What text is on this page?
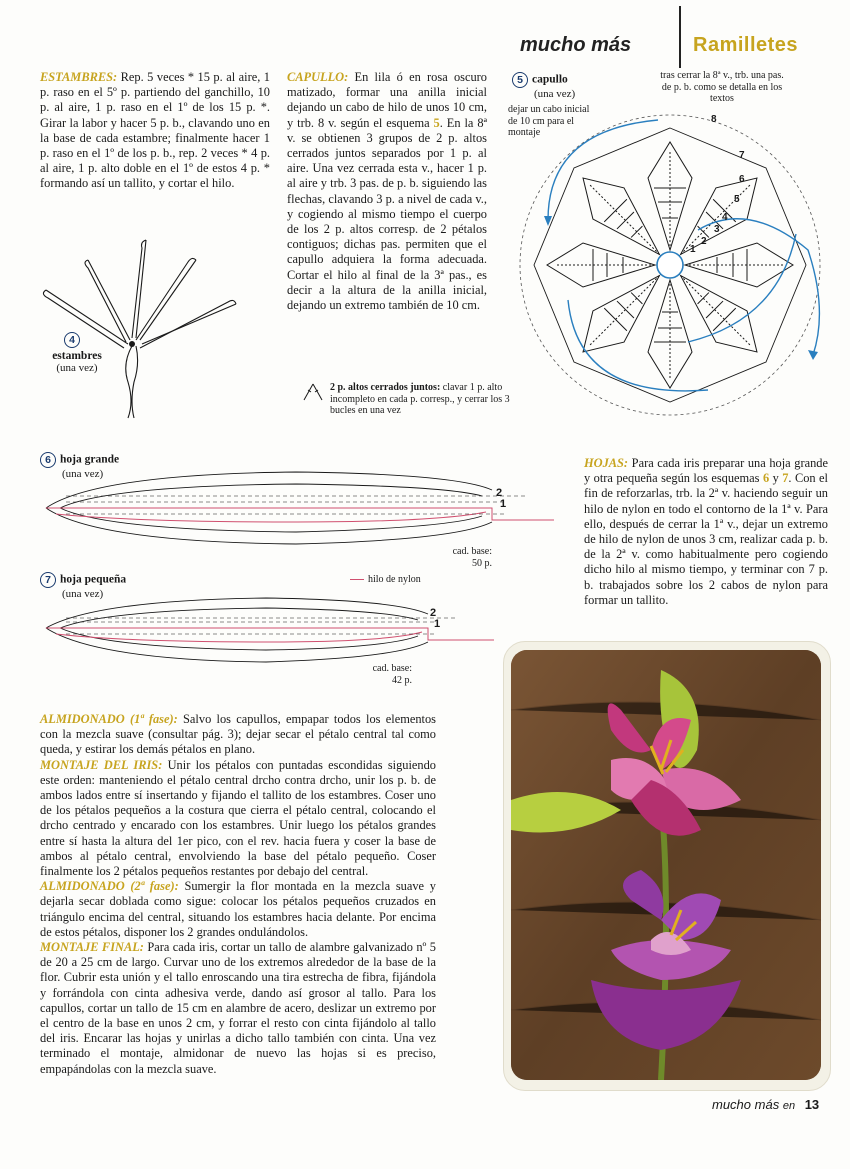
mucho más	Ramilletes
ESTAMBRES: Rep. 5 veces * 15 p. al aire, 1 p. raso en el 5º p. partiendo del ganchillo, 10 p. al aire, 1 p. raso en el 1º de los 15 p. *. Girar la labor y hacer 5 p. b., clavando uno en la base de cada estambre; finalmente hacer 1 p. raso en el 1º de los p. b., rep. 2 veces * 4 p. al aire, 1 p. alto doble en el 1º de estos 4 p. * formando así un tallito, y cortar el hilo.
CAPULLO: En lila ó en rosa oscuro matizado, formar una anilla inicial dejando un cabo de hilo de unos 10 cm, y trb. 8 v. según el esquema 5. En la 8ª v. se obtienen 3 grupos de 2 p. altos cerrados juntos separados por 1 p. al aire. Una vez cerrada esta v., hacer 1 p. al aire y trb. 3 pas. de p. b. siguiendo las flechas, clavando 3 p. a nivel de cada v., y cogiendo al mismo tiempo el cuerpo de los 2 p. altos corresp. de 2 pétalos contiguos; dichas pas. permiten que el capullo adquiera la forma adecuada. Cortar el hilo al final de la 3ª pas., es decir a la altura de la anilla inicial, dejando un extremo también de 10 cm.
4
estambres
(una vez)
5 capullo
(una vez)
dejar un cabo inicial de 10 cm para el montaje
tras cerrar la 8ª v., trb. una pas. de p. b. como se detalla en los textos
8
7
6
5
4
3
2
1
2 p. altos cerrados juntos: clavar 1 p. alto incompleto en cada p. corresp., y cerrar los 3 bucles en una vez
6 hoja grande
(una vez)
2
1
cad. base:
50 p.
7 hoja pequeña
(una vez)
hilo de nylon
2
1
cad. base:
42 p.
HOJAS: Para cada iris preparar una hoja grande y otra pequeña según los esquemas 6 y 7. Con el fin de reforzarlas, trb. la 2ª v. haciendo seguir un hilo de nylon en todo el contorno de la 1ª v. Para ello, después de cerrar la 1ª v., dejar un extremo de hilo de nylon de unos 3 cm, realizar cada p. b. de la 2ª v. como habitualmente pero cogiendo dicho hilo al mismo tiempo, y terminar con 7 p. b. trabajados sobre los 2 cabos de nylon para formar un tallito.
ALMIDONADO (1ª fase): Salvo los capullos, empapar todos los elementos con la mezcla suave (consultar pág. 3); dejar secar el pétalo central tal como queda, y estirar los demás pétalos en plano.
MONTAJE DEL IRIS: Unir los pétalos con puntadas escondidas siguiendo este orden: manteniendo el pétalo central drcho contra drcho, unir los p. b. de ambos lados entre sí insertando y fijando el tallito de los estambres. Coser uno de los pétalos pequeños a la costura que cierra el pétalo central, colocando el drcho centrado y encarado con los estambres. Unir luego los pétalos grandes entre sí hasta la altura del 1er pico, con el rev. hacia fuera y coser la base de ambos al pétalo central, envolviendo la base del pétalo pequeño. Coser finalmente los 2 pétalos pequeños restantes por debajo del central.
ALMIDONADO (2ª fase): Sumergir la flor montada en la mezcla suave y dejarla secar doblada como sigue: colocar los pétalos pequeños cruzados en triángulo encima del central, situando los estambres hacia delante. Por encima de estos pétalos, disponer los 2 grandes ondulándolos.
MONTAJE FINAL: Para cada iris, cortar un tallo de alambre galvanizado nº 5 de 20 a 25 cm de largo. Curvar uno de los extremos alrededor de la base de la flor. Cubrir esta unión y el tallo enroscando una tira estrecha de fibra, fijándola y forrándola con cinta adhesiva verde, dando así grosor al tallo. Para los capullos, cortar un tallo de 15 cm en alambre de acero, deslizar un extremo por el centro de la base en unos 2 cm, y forrar el resto con cinta fijándolo al tallo del iris. Encarar las hojas y unirlas a dicho tallo también con cinta. Una vez terminado el montaje, almidonar de nuevo las hojas si es preciso, empapándolas con la mezcla suave.
mucho más en 13
